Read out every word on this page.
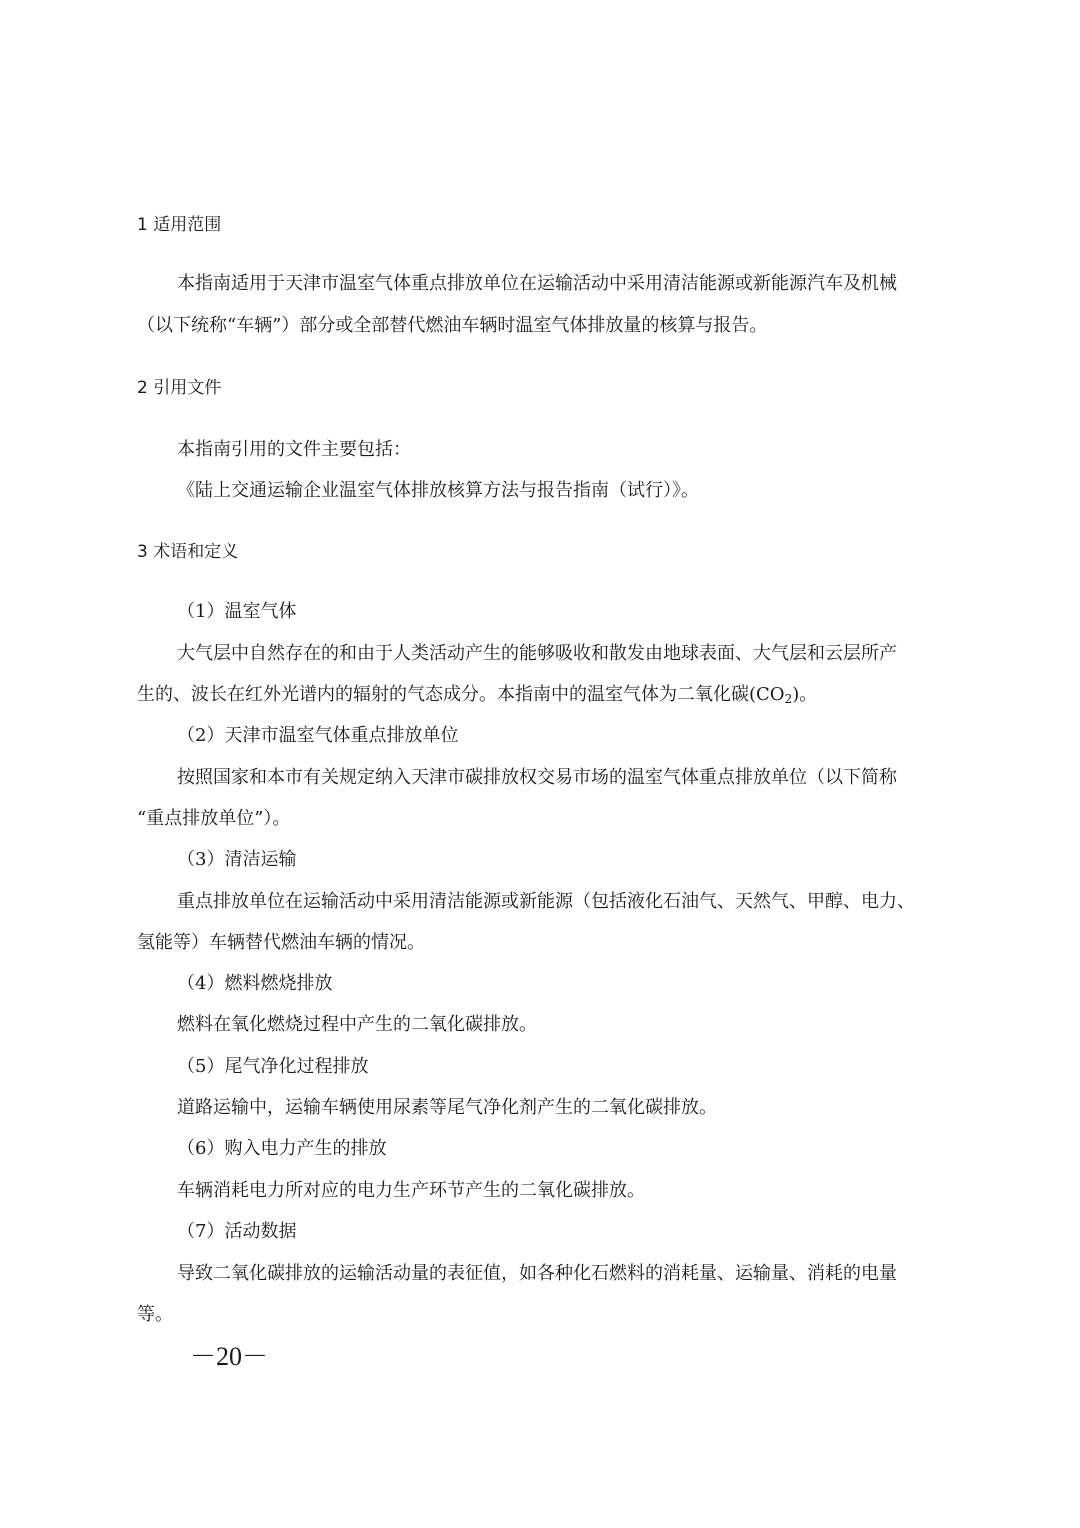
1 适用范围
本指南适用于天津市温室气体重点排放单位在运输活动中采用清洁能源或新能源汽车及机械
（以下统称“车辆”）部分或全部替代燃油车辆时温室气体排放量的核算与报告。
2 引用文件
本指南引用的文件主要包括：
《陆上交通运输企业温室气体排放核算方法与报告指南（试行）》。
3 术语和定义
（1）温室气体
大气层中自然存在的和由于人类活动产生的能够吸收和散发由地球表面、大气层和云层所产
生的、波长在红外光谱内的辐射的气态成分。本指南中的温室气体为二氧化碳$(CO_2)$。
（2）天津市温室气体重点排放单位
按照国家和本市有关规定纳入天津市碳排放权交易市场的温室气体重点排放单位（以下简称
“重点排放单位”）。
（3）清洁运输
重点排放单位在运输活动中采用清洁能源或新能源（包括液化石油气、天然气、甲醇、电力、
氢能等）车辆替代燃油车辆的情况。
（4）燃料燃烧排放
燃料在氧化燃烧过程中产生的二氧化碳排放。
（5）尾气净化过程排放
道路运输中，运输车辆使用尿素等尾气净化剂产生的二氧化碳排放。
（6）购入电力产生的排放
车辆消耗电力所对应的电力生产环节产生的二氧化碳排放。
（7）活动数据
导致二氧化碳排放的运输活动量的表征值，如各种化石燃料的消耗量、运输量、消耗的电量
等。
－20－
